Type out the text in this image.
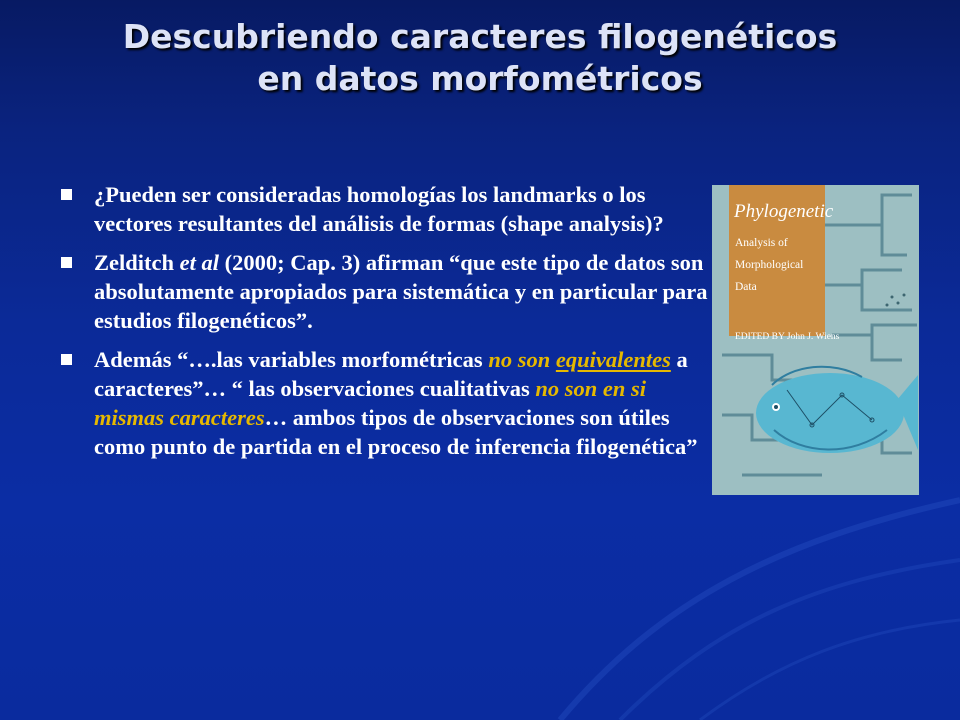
Descubriendo caracteres filogenéticos
en datos morfométricos
¿Pueden ser consideradas homologías los landmarks o los vectores resultantes del análisis de formas (shape analysis)?
Zelditch et al (2000; Cap. 3) afirman “que este tipo de datos son absolutamente apropiados para sistemática y en particular para estudios filogenéticos”.
Además “….las variables morfométricas no son equivalentes a caracteres”… “ las observaciones cualitativas no son en si mismas caracteres… ambos tipos de observaciones son útiles como punto de partida en el proceso de inferencia filogenética”
Phylogenetic
Analysis of
Morphological
Data
EDITED BY John J. Wiens
